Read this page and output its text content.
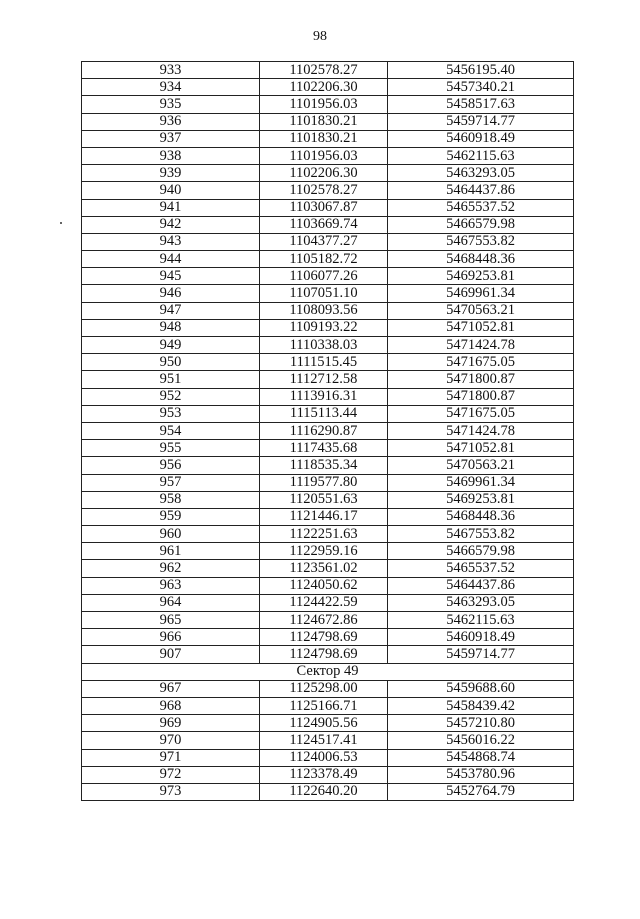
98
933	1102578.27	5456195.40
934	1102206.30	5457340.21
935	1101956.03	5458517.63
936	1101830.21	5459714.77
937	1101830.21	5460918.49
938	1101956.03	5462115.63
939	1102206.30	5463293.05
940	1102578.27	5464437.86
941	1103067.87	5465537.52
942	1103669.74	5466579.98
943	1104377.27	5467553.82
944	1105182.72	5468448.36
945	1106077.26	5469253.81
946	1107051.10	5469961.34
947	1108093.56	5470563.21
948	1109193.22	5471052.81
949	1110338.03	5471424.78
950	1111515.45	5471675.05
951	1112712.58	5471800.87
952	1113916.31	5471800.87
953	1115113.44	5471675.05
954	1116290.87	5471424.78
955	1117435.68	5471052.81
956	1118535.34	5470563.21
957	1119577.80	5469961.34
958	1120551.63	5469253.81
959	1121446.17	5468448.36
960	1122251.63	5467553.82
961	1122959.16	5466579.98
962	1123561.02	5465537.52
963	1124050.62	5464437.86
964	1124422.59	5463293.05
965	1124672.86	5462115.63
966	1124798.69	5460918.49
907	1124798.69	5459714.77
Сектор 49		
967	1125298.00	5459688.60
968	1125166.71	5458439.42
969	1124905.56	5457210.80
970	1124517.41	5456016.22
971	1124006.53	5454868.74
972	1123378.49	5453780.96
973	1122640.20	5452764.79
